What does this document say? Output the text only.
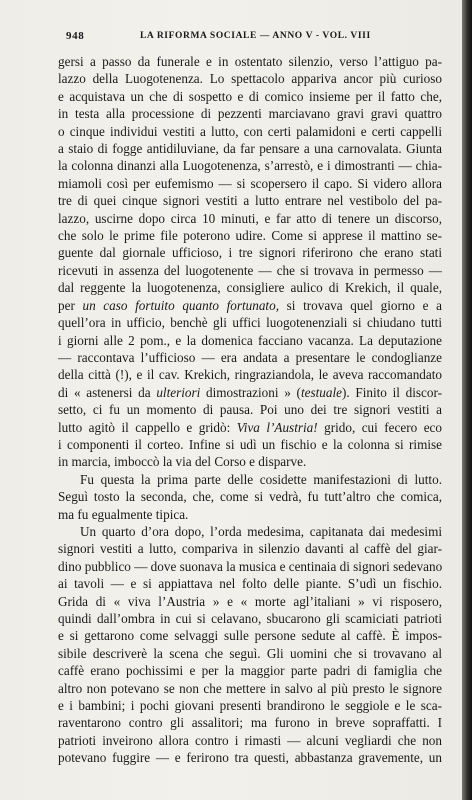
948	LA RIFORMA SOCIALE — ANNO V - VOL. VIII

gersi a passo da funerale e in ostentato silenzio, verso l’attiguo pa-
lazzo della Luogotenenza. Lo spettacolo appariva ancor più curioso
e acquistava un che di sospetto e di comico insieme per il fatto che,
in testa alla processione di pezzenti marciavano gravi gravi quattro
o cinque individui vestiti a lutto, con certi palamidoni e certi cappelli
a staio di fogge antidiluviane, da far pensare a una carnovalata. Giunta
la colonna dinanzi alla Luogotenenza, s’arrestò, e i dimostranti — chia-
miamoli così per eufemismo — si scopersero il capo. Si videro allora
tre di quei cinque signori vestiti a lutto entrare nel vestibolo del pa-
lazzo, uscirne dopo circa 10 minuti, e far atto di tenere un discorso,
che solo le prime file poterono udire. Come si apprese il mattino se-
guente dal giornale ufficioso, i tre signori riferirono che erano stati
ricevuti in assenza del luogotenente — che si trovava in permesso —
dal reggente la luogotenenza, consigliere aulico di Krekich, il quale,
per un caso fortuito quanto fortunato, si trovava quel giorno e a
quell’ora in ufficio, benchè gli uffici luogotenenziali si chiudano tutti
i giorni alle 2 pom., e la domenica facciano vacanza. La deputazione
— raccontava l’ufficioso — era andata a presentare le condoglianze
della città (!), e il cav. Krekich, ringraziandola, le aveva raccomandato
di « astenersi da ulteriori dimostrazioni » (testuale). Finito il discor-
setto, ci fu un momento di pausa. Poi uno dei tre signori vestiti a
lutto agitò il cappello e gridò: Viva l’Austria! grido, cui fecero eco
i componenti il corteo. Infine si udì un fischio e la colonna si rimise
in marcia, imboccò la via del Corso e disparve.

Fu questa la prima parte delle cosidette manifestazioni di lutto.
Seguì tosto la seconda, che, come si vedrà, fu tutt’altro che comica,
ma fu egualmente tipica.

Un quarto d’ora dopo, l’orda medesima, capitanata dai medesimi
signori vestiti a lutto, compariva in silenzio davanti al caffè del giar-
dino pubblico — dove suonava la musica e centinaia di signori sedevano
ai tavoli — e si appiattava nel folto delle piante. S’udì un fischio.
Grida di « viva l’Austria » e « morte agl’italiani » vi risposero,
quindi dall’ombra in cui si celavano, sbucarono gli scamiciati patrioti
e si gettarono come selvaggi sulle persone sedute al caffè. È impos-
sibile descriverè la scena che seguì. Gli uomini che si trovavano al
caffè erano pochissimi e per la maggior parte padri di famiglia che
altro non potevano se non che mettere in salvo al più presto le signore
e i bambini; i pochi giovani presenti brandirono le seggiole e le sca-
raventarono contro gli assalitori; ma furono in breve sopraffatti. I
patrioti inveirono allora contro i rimasti — alcuni vegliardi che non
potevano fuggire — e ferirono tra questi, abbastanza gravemente, un
